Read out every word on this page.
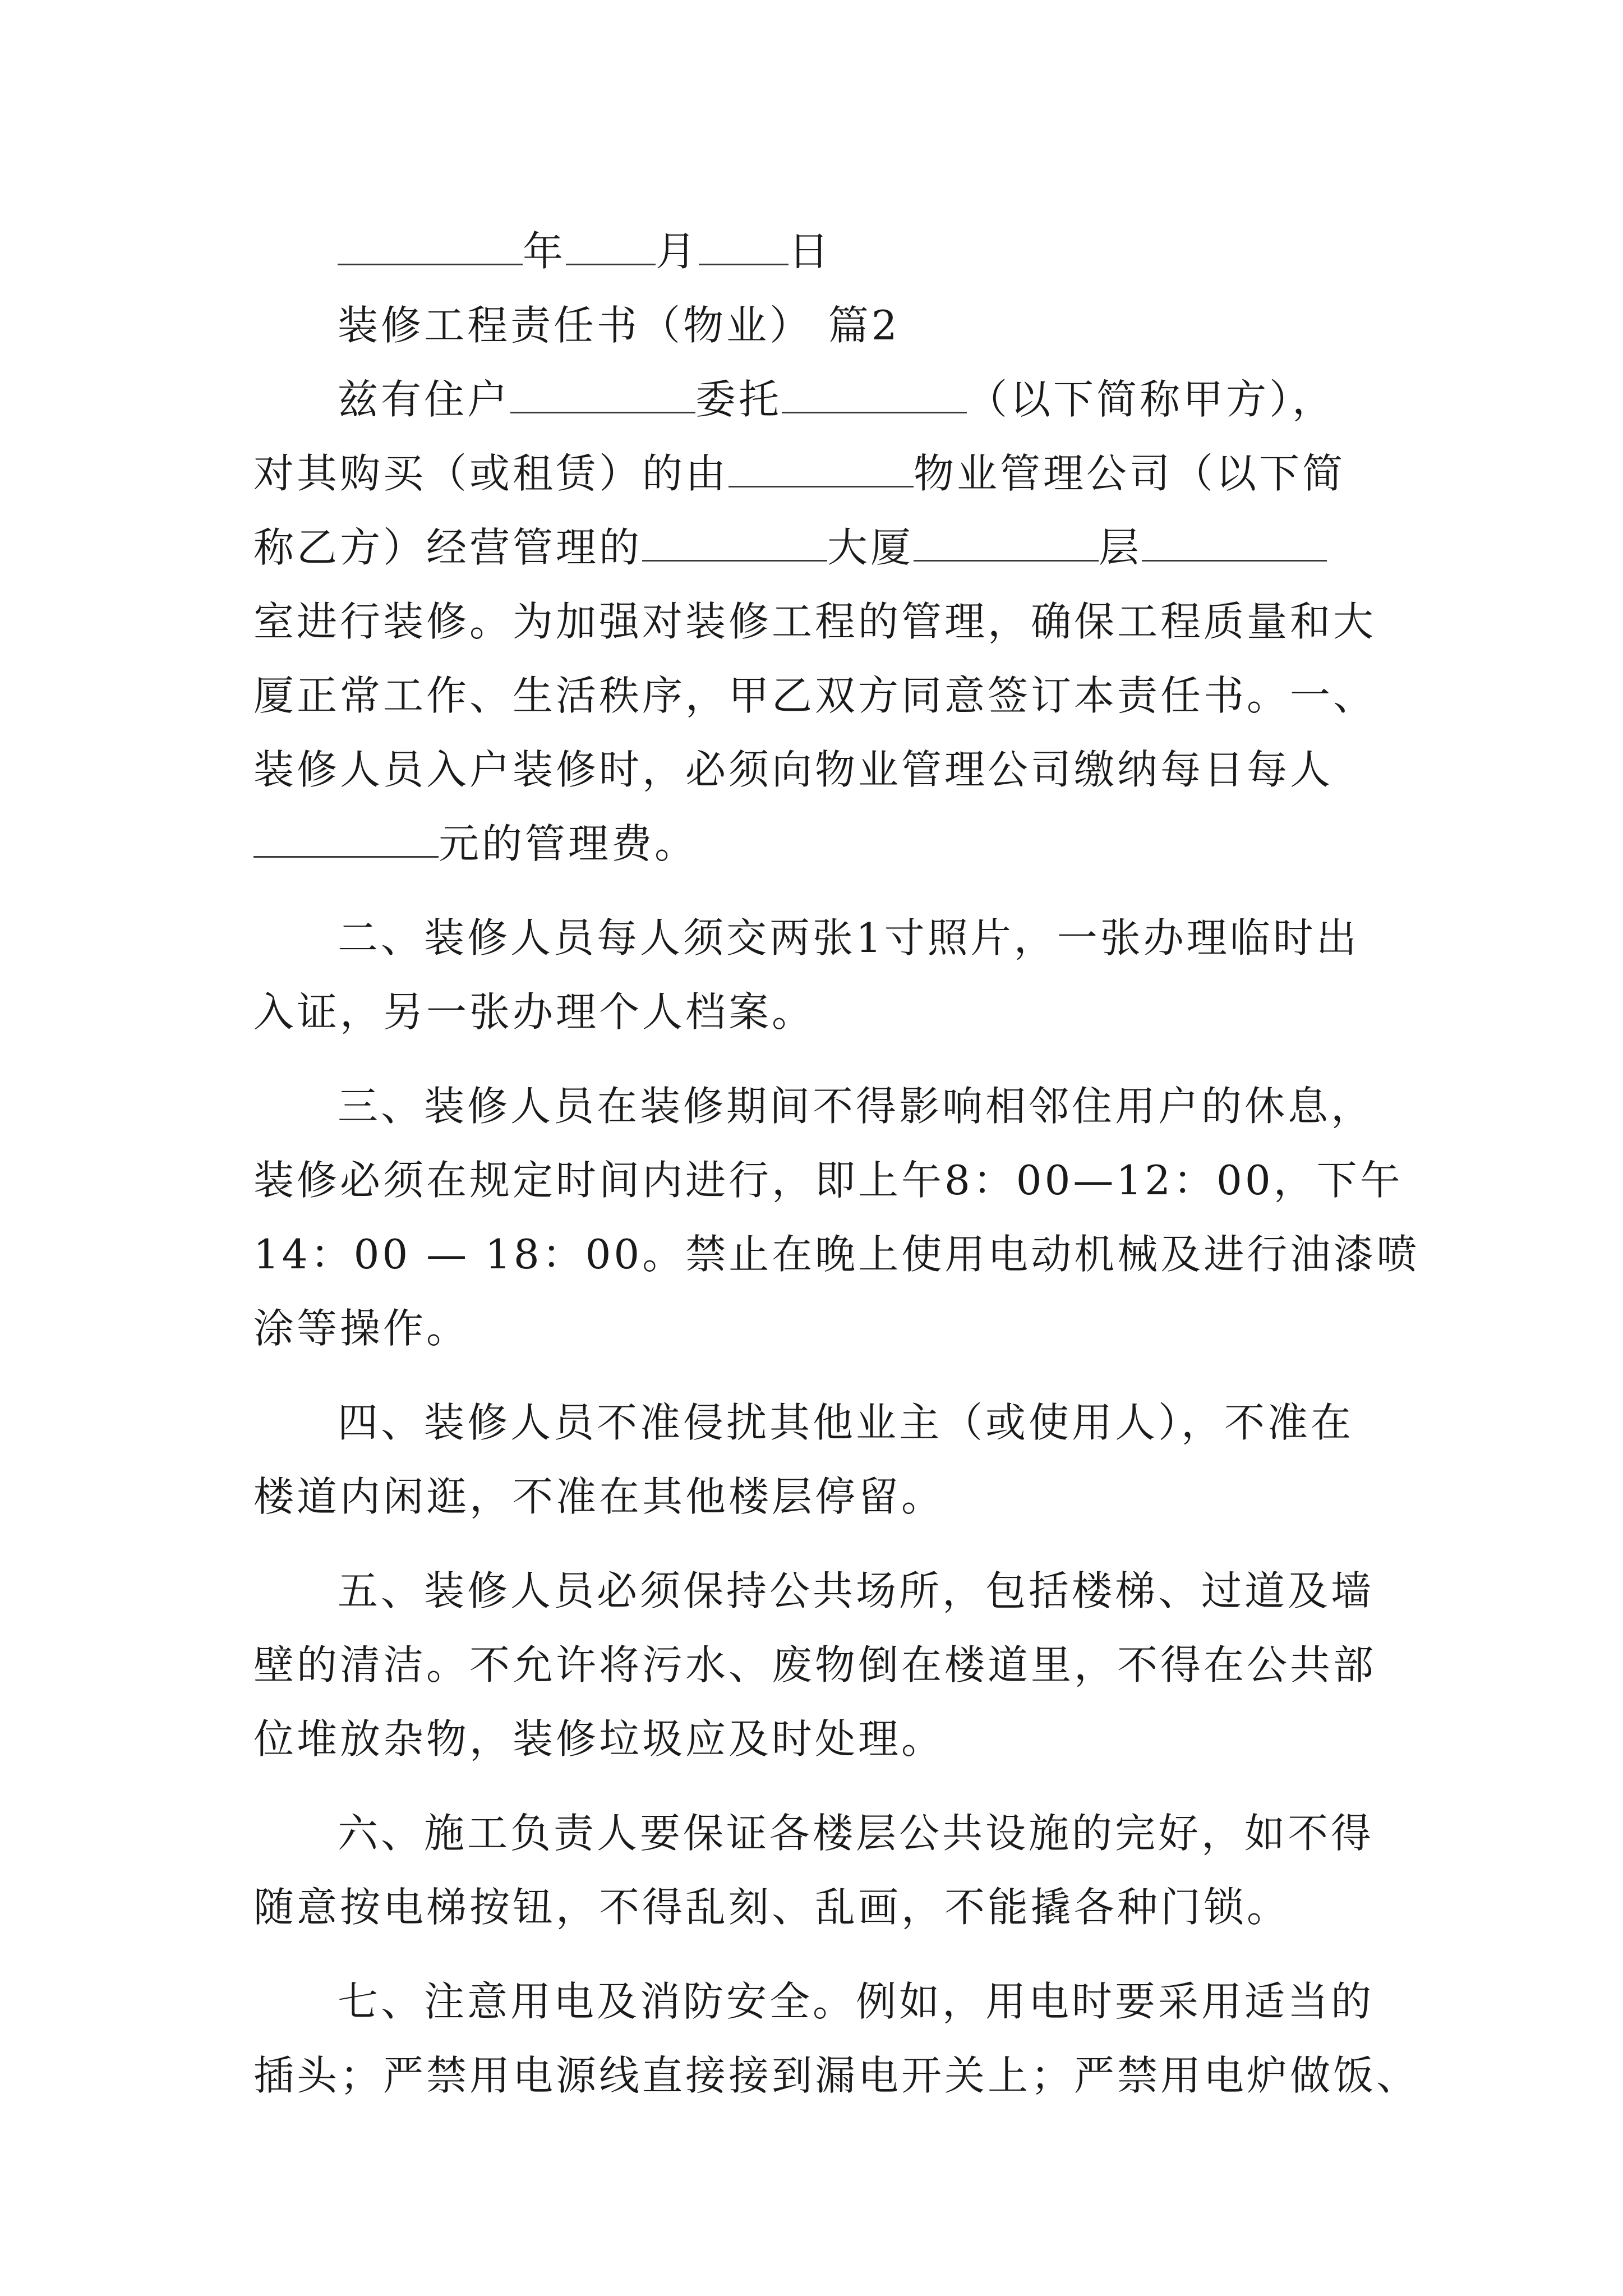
年 月 日
装修工程责任书（物业） 篇2
兹有住户	委托	（以下简称甲方），
对其购买（或租赁）的由	物业管理公司（以下简
称乙方）经营管理的	大厦	层
室进行装修。为加强对装修工程的管理，确保工程质量和大
厦正常工作、生活秩序，甲乙双方同意签订本责任书。一、
装修人员入户装修时，必须向物业管理公司缴纳每日每人
元的管理费。
二、装修人员每人须交两张1寸照片，一张办理临时出
入证，另一张办理个人档案。
三、装修人员在装修期间不得影响相邻住用户的休息，
装修必须在规定时间内进行，即上午8：00—12：00，下午
14：00 — 18：00。禁止在晚上使用电动机械及进行油漆喷
涂等操作。
四、装修人员不准侵扰其他业主（或使用人），不准在
楼道内闲逛，不准在其他楼层停留。
五、装修人员必须保持公共场所，包括楼梯、过道及墙
壁的清洁。不允许将污水、废物倒在楼道里，不得在公共部
位堆放杂物，装修垃圾应及时处理。
六、施工负责人要保证各楼层公共设施的完好，如不得
随意按电梯按钮，不得乱刻、乱画，不能撬各种门锁。
七、注意用电及消防安全。例如，用电时要采用适当的
插头；严禁用电源线直接接到漏电开关上；严禁用电炉做饭、
